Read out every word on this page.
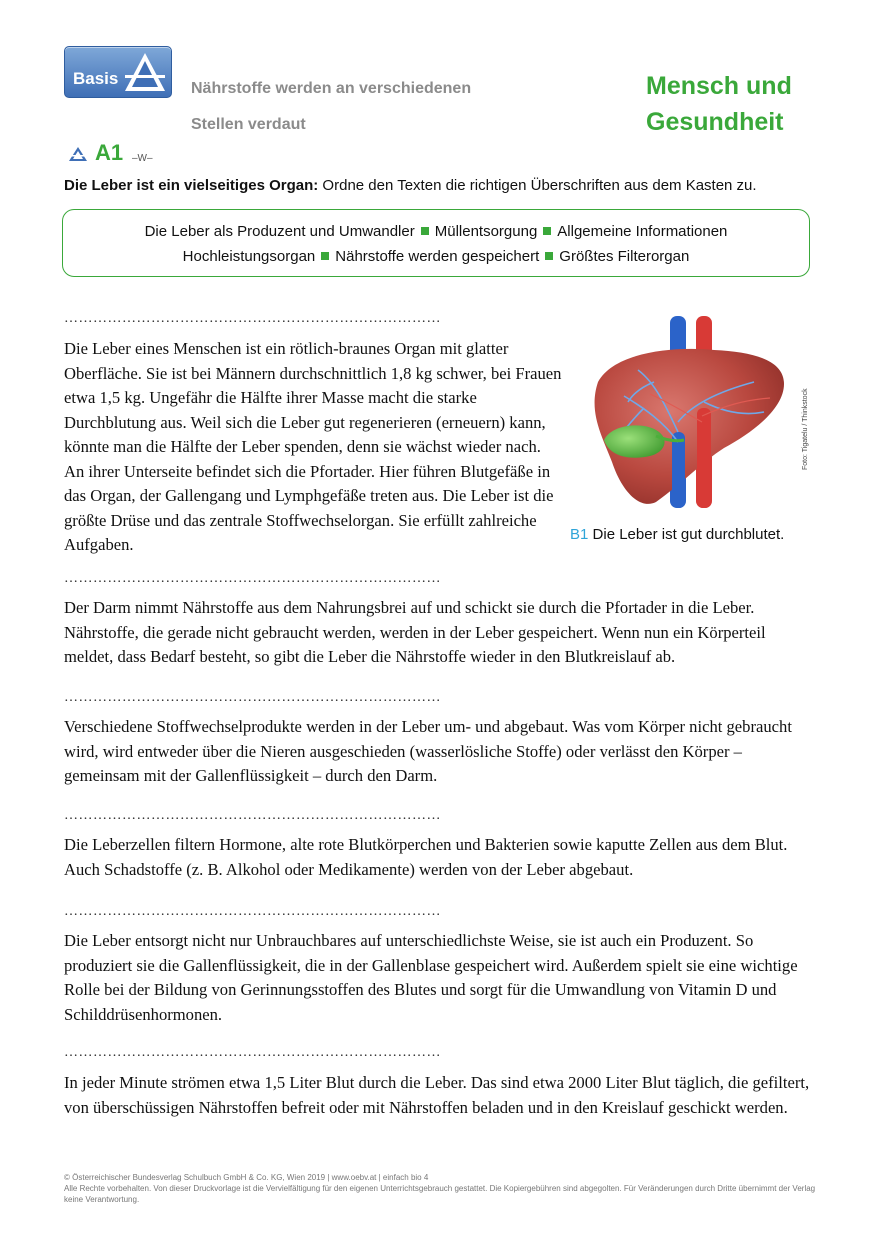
Basis
Nährstoffe werden an verschiedenen
Stellen verdaut
Mensch und
Gesundheit
A1 –W–
Die Leber ist ein vielseitiges Organ: Ordne den Texten die richtigen Überschriften aus dem Kasten zu.
Die Leber als Produzent und Umwandler Müllentsorgung Allgemeine Informationen
Hochleistungsorgan Nährstoffe werden gespeichert Größtes Filterorgan
……………………………………………………………………
Die Leber eines Menschen ist ein rötlich-braunes Organ mit glatter Oberfläche. Sie ist bei Männern durchschnittlich 1,8 kg schwer, bei Frauen etwa 1,5 kg. Ungefähr die Hälfte ihrer Masse macht die starke Durchblutung aus. Weil sich die Leber gut regenerieren (erneuern) kann, könnte man die Hälfte der Leber spenden, denn sie wächst wieder nach. An ihrer Unterseite befindet sich die Pfortader. Hier führen Blutgefäße in das Organ, der Gallengang und Lymphgefäße treten aus. Die Leber ist die größte Drüse und das zentrale Stoffwechselorgan. Sie erfüllt zahlreiche Aufgaben.
Foto: Tigatelu / Thinkstock
B1 Die Leber ist gut durchblutet.
……………………………………………………………………
Der Darm nimmt Nährstoffe aus dem Nahrungsbrei auf und schickt sie durch die Pfortader in die Leber. Nährstoffe, die gerade nicht gebraucht werden, werden in der Leber gespeichert. Wenn nun ein Körperteil meldet, dass Bedarf besteht, so gibt die Leber die Nährstoffe wieder in den Blutkreislauf ab.
……………………………………………………………………
Verschiedene Stoffwechselprodukte werden in der Leber um- und abgebaut. Was vom Körper nicht gebraucht wird, wird entweder über die Nieren ausgeschieden (wasserlösliche Stoffe) oder verlässt den Körper – gemeinsam mit der Gallenflüssigkeit – durch den Darm.
……………………………………………………………………
Die Leberzellen filtern Hormone, alte rote Blutkörperchen und Bakterien sowie kaputte Zellen aus dem Blut. Auch Schadstoffe (z. B. Alkohol oder Medikamente) werden von der Leber abgebaut.
……………………………………………………………………
Die Leber entsorgt nicht nur Unbrauchbares auf unterschiedlichste Weise, sie ist auch ein Produzent. So produziert sie die Gallenflüssigkeit, die in der Gallenblase gespeichert wird. Außerdem spielt sie eine wichtige Rolle bei der Bildung von Gerinnungsstoffen des Blutes und sorgt für die Umwandlung von Vitamin D und Schilddrüsenhormonen.
……………………………………………………………………
In jeder Minute strömen etwa 1,5 Liter Blut durch die Leber. Das sind etwa 2000 Liter Blut täglich, die gefiltert, von überschüssigen Nährstoffen befreit oder mit Nährstoffen beladen und in den Kreislauf geschickt werden.
© Österreichischer Bundesverlag Schulbuch GmbH & Co. KG, Wien 2019 | www.oebv.at | einfach bio 4
Alle Rechte vorbehalten. Von dieser Druckvorlage ist die Vervielfältigung für den eigenen Unterrichtsgebrauch gestattet. Die Kopiergebühren sind abgegolten. Für Veränderungen durch Dritte übernimmt der Verlag keine Verantwortung.
